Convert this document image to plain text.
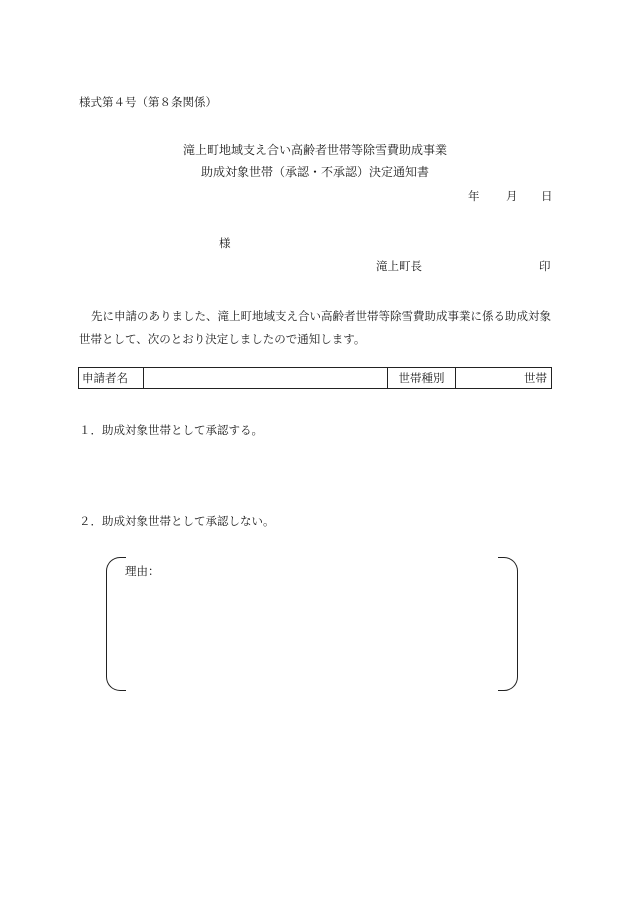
様式第４号（第８条関係）
滝上町地域支え合い高齢者世帯等除雪費助成事業
助成対象世帯（承認・不承認）決定通知書
年 月 日
様
滝上町長	印
先に申請のありました、滝上町地域支え合い高齢者世帯等除雪費助成事業に係る助成対象世帯として、次のとおり決定しましたので通知します。
申請者名	世帯種別	世帯
１．助成対象世帯として承認する。
２．助成対象世帯として承認しない。
理由：
